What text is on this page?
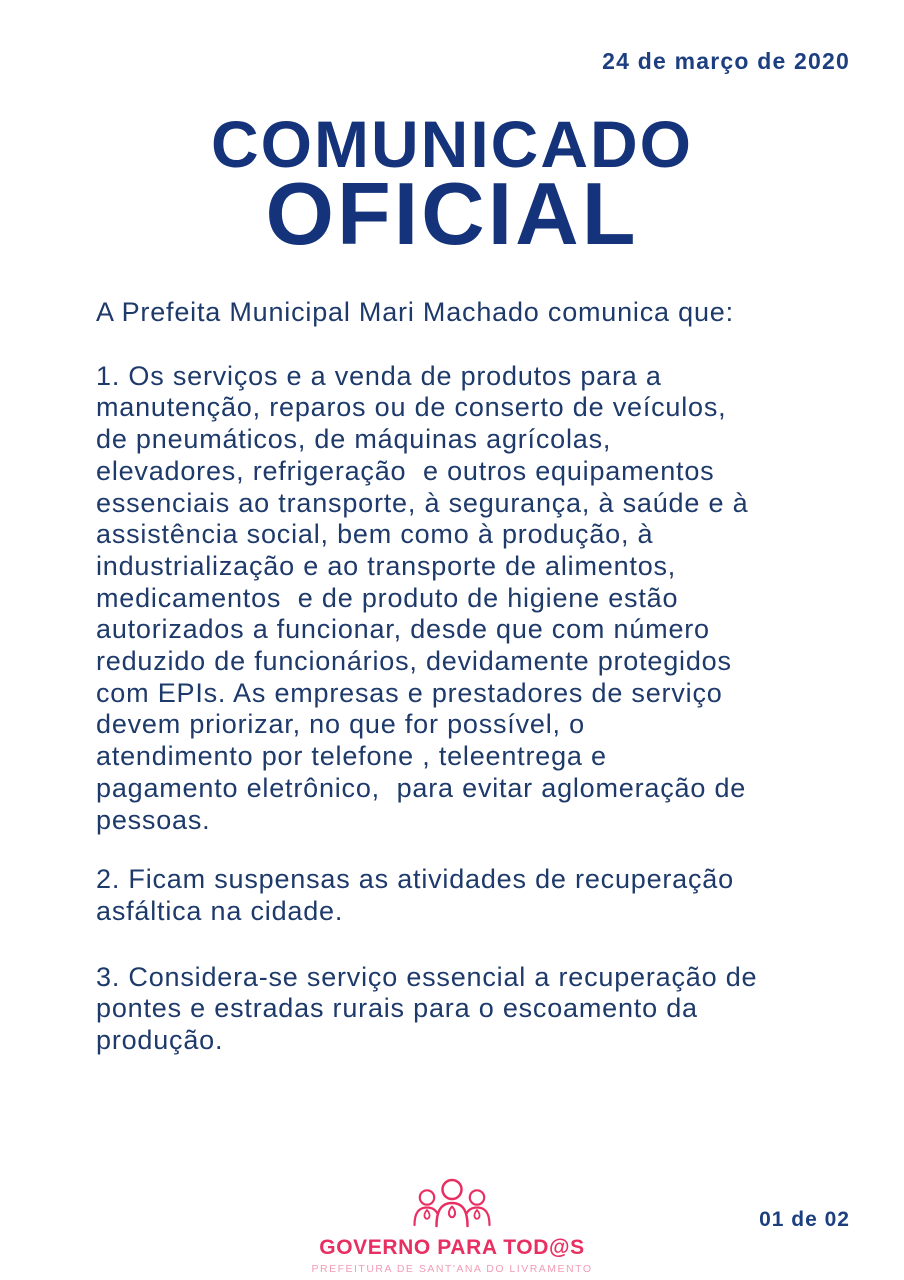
24 de março de 2020
COMUNICADO
OFICIAL
A Prefeita Municipal Mari Machado comunica que:
1. Os serviços e a venda de produtos para a
manutenção, reparos ou de conserto de veículos,
de pneumáticos, de máquinas agrícolas,
elevadores, refrigeração  e outros equipamentos
essenciais ao transporte, à segurança, à saúde e à
assistência social, bem como à produção, à
industrialização e ao transporte de alimentos,
medicamentos  e de produto de higiene estão
autorizados a funcionar, desde que com número
reduzido de funcionários, devidamente protegidos
com EPIs. As empresas e prestadores de serviço
devem priorizar, no que for possível, o
atendimento por telefone , teleentrega e
pagamento eletrônico,  para evitar aglomeração de
pessoas.
2. Ficam suspensas as atividades de recuperação
asfáltica na cidade.
3. Considera-se serviço essencial a recuperação de
pontes e estradas rurais para o escoamento da
produção.
GOVERNO PARA TOD@S
PREFEITURA DE SANT'ANA DO LIVRAMENTO
01 de 02
